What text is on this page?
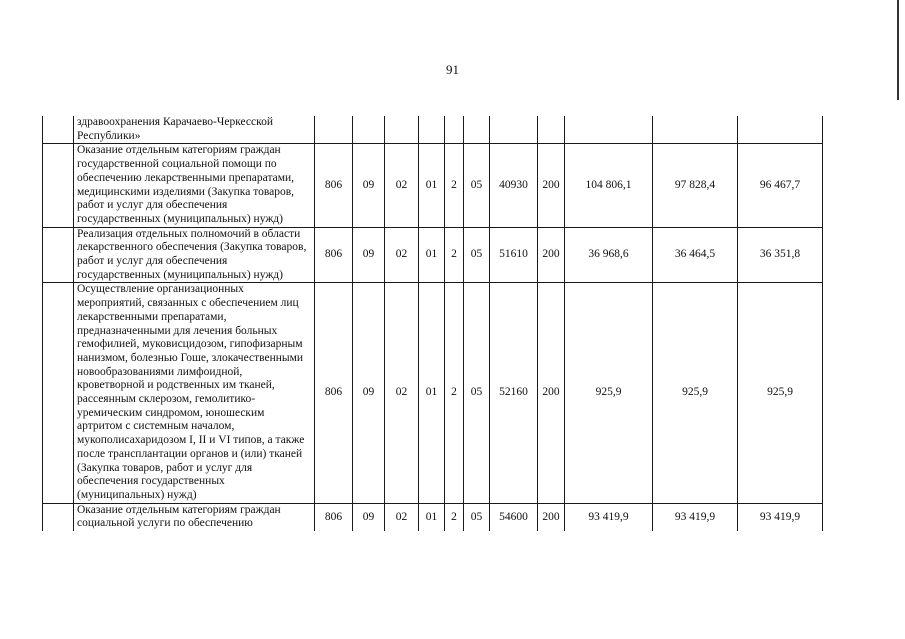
91

	здравоохранения Карачаево-Черкесской Республики»											

	Оказание отдельным категориям граждан государственной социальной помощи по обеспечению лекарственными препаратами, медицинскими изделиями (Закупка товаров, работ и услуг для обеспечения государственных (муниципальных) нужд)	806	09	02	01	2	05	40930	200	104 806,1	97 828,4	96 467,7

	Реализация отдельных полномочий в области лекарственного обеспечения (Закупка товаров, работ и услуг для обеспечения государственных (муниципальных) нужд)	806	09	02	01	2	05	51610	200	36 968,6	36 464,5	36 351,8

	Осуществление организационных мероприятий, связанных с обеспечением лиц лекарственными препаратами, предназначенными для лечения больных гемофилией, муковисцидозом, гипофизарным нанизмом, болезнью Гоше, злокачественными новообразованиями лимфоидной, кроветворной и родственных им тканей, рассеянным склерозом, гемолитико-уремическим синдромом, юношеским артритом с системным началом, мукополисахаридозом I, II и VI типов, а также после трансплантации органов и (или) тканей (Закупка товаров, работ и услуг для обеспечения государственных (муниципальных) нужд)	806	09	02	01	2	05	52160	200	925,9	925,9	925,9

	Оказание отдельным категориям граждан социальной услуги по обеспечению	806	09	02	01	2	05	54600	200	93 419,9	93 419,9	93 419,9
